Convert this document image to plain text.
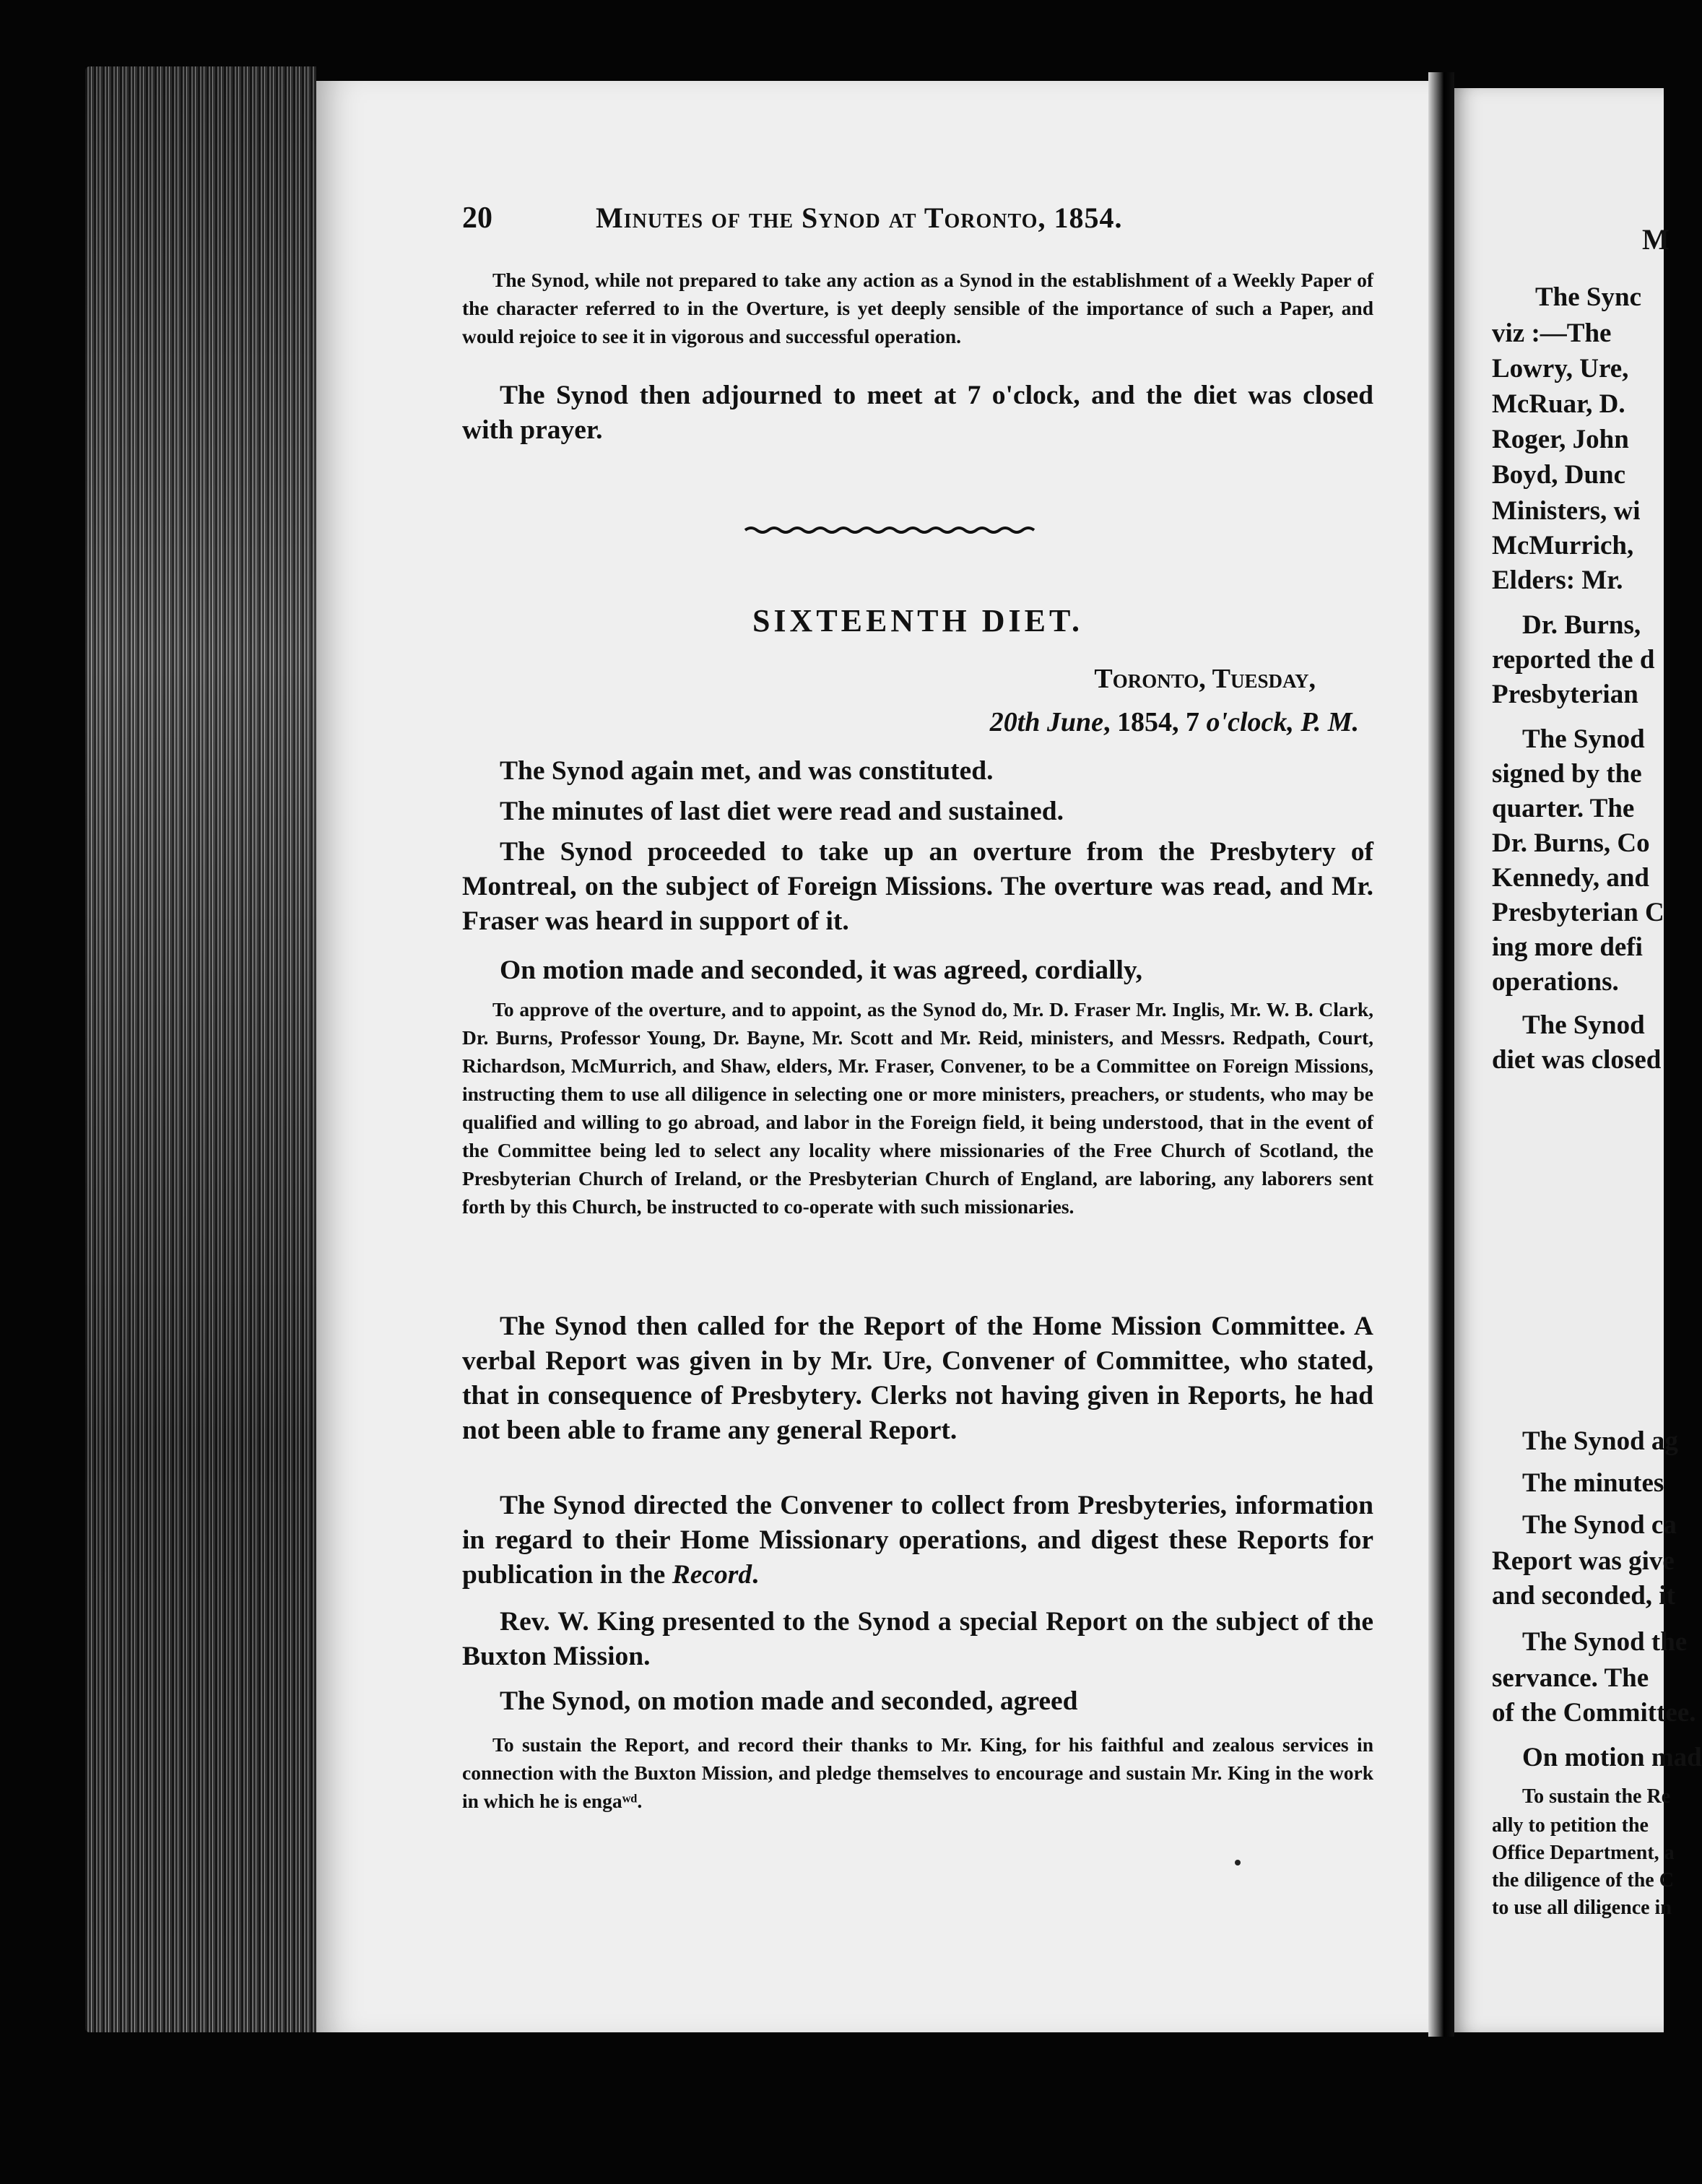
20	Minutes of the Synod at Toronto, 1854.

The Synod, while not prepared to take any action as a Synod in the establishment of a Weekly Paper of the character referred to in the Overture, is yet deeply sensible of the importance of such a Paper, and would rejoice to see it in vigorous and successful operation.

The Synod then adjourned to meet at 7 o'clock, and the diet was closed with prayer.

SIXTEENTH DIET.
Toronto, Tuesday,
20th June, 1854, 7 o'clock, P. M.

The Synod again met, and was constituted.

The minutes of last diet were read and sustained.

The Synod proceeded to take up an overture from the Presbytery of Montreal, on the subject of Foreign Missions. The overture was read, and Mr. Fraser was heard in support of it.

On motion made and seconded, it was agreed, cordially,

To approve of the overture, and to appoint, as the Synod do, Mr. D. Fraser Mr. Inglis, Mr. W. B. Clark, Dr. Burns, Professor Young, Dr. Bayne, Mr. Scott and Mr. Reid, ministers, and Messrs. Redpath, Court, Richardson, McMurrich, and Shaw, elders, Mr. Fraser, Convener, to be a Committee on Foreign Missions, instructing them to use all diligence in selecting one or more ministers, preachers, or students, who may be qualified and willing to go abroad, and labor in the Foreign field, it being understood, that in the event of the Committee being led to select any locality where missionaries of the Free Church of Scotland, the Presbyterian Church of Ireland, or the Presbyterian Church of England, are laboring, any laborers sent forth by this Church, be instructed to co-operate with such missionaries.

The Synod then called for the Report of the Home Mission Committee. A verbal Report was given in by Mr. Ure, Convener of Committee, who stated, that in consequence of Presbytery. Clerks not having given in Reports, he had not been able to frame any general Report.

The Synod directed the Convener to collect from Presbyteries, information in regard to their Home Missionary operations, and digest these Reports for publication in the Record.

Rev. W. King presented to the Synod a special Report on the subject of the Buxton Mission.

The Synod, on motion made and seconded, agreed

To sustain the Report, and record their thanks to Mr. King, for his faithful and zealous services in connection with the Buxton Mission, and pledge themselves to encourage and sustain Mr. King in the work in which he is engaʷᵈ.

M
The Sync
viz :—The
Lowry, Ure,
McRuar, D.
Roger, John
Boyd, Dunc
Ministers, wi
McMurrich,
Elders: Mr.
Dr. Burns,
reported the d
Presbyterian
The Synod
signed by the
quarter. The
Dr. Burns, Co
Kennedy, and
Presbyterian C
ing more defi
operations.
The Synod
diet was closed
The Synod ag
The minutes
The Synod ca
Report was give
and seconded, it
The Synod the
servance. The
of the Committee.
On motion mad
To sustain the Re
ally to petition the
Office Department, a
the diligence of the C
to use all diligence in
